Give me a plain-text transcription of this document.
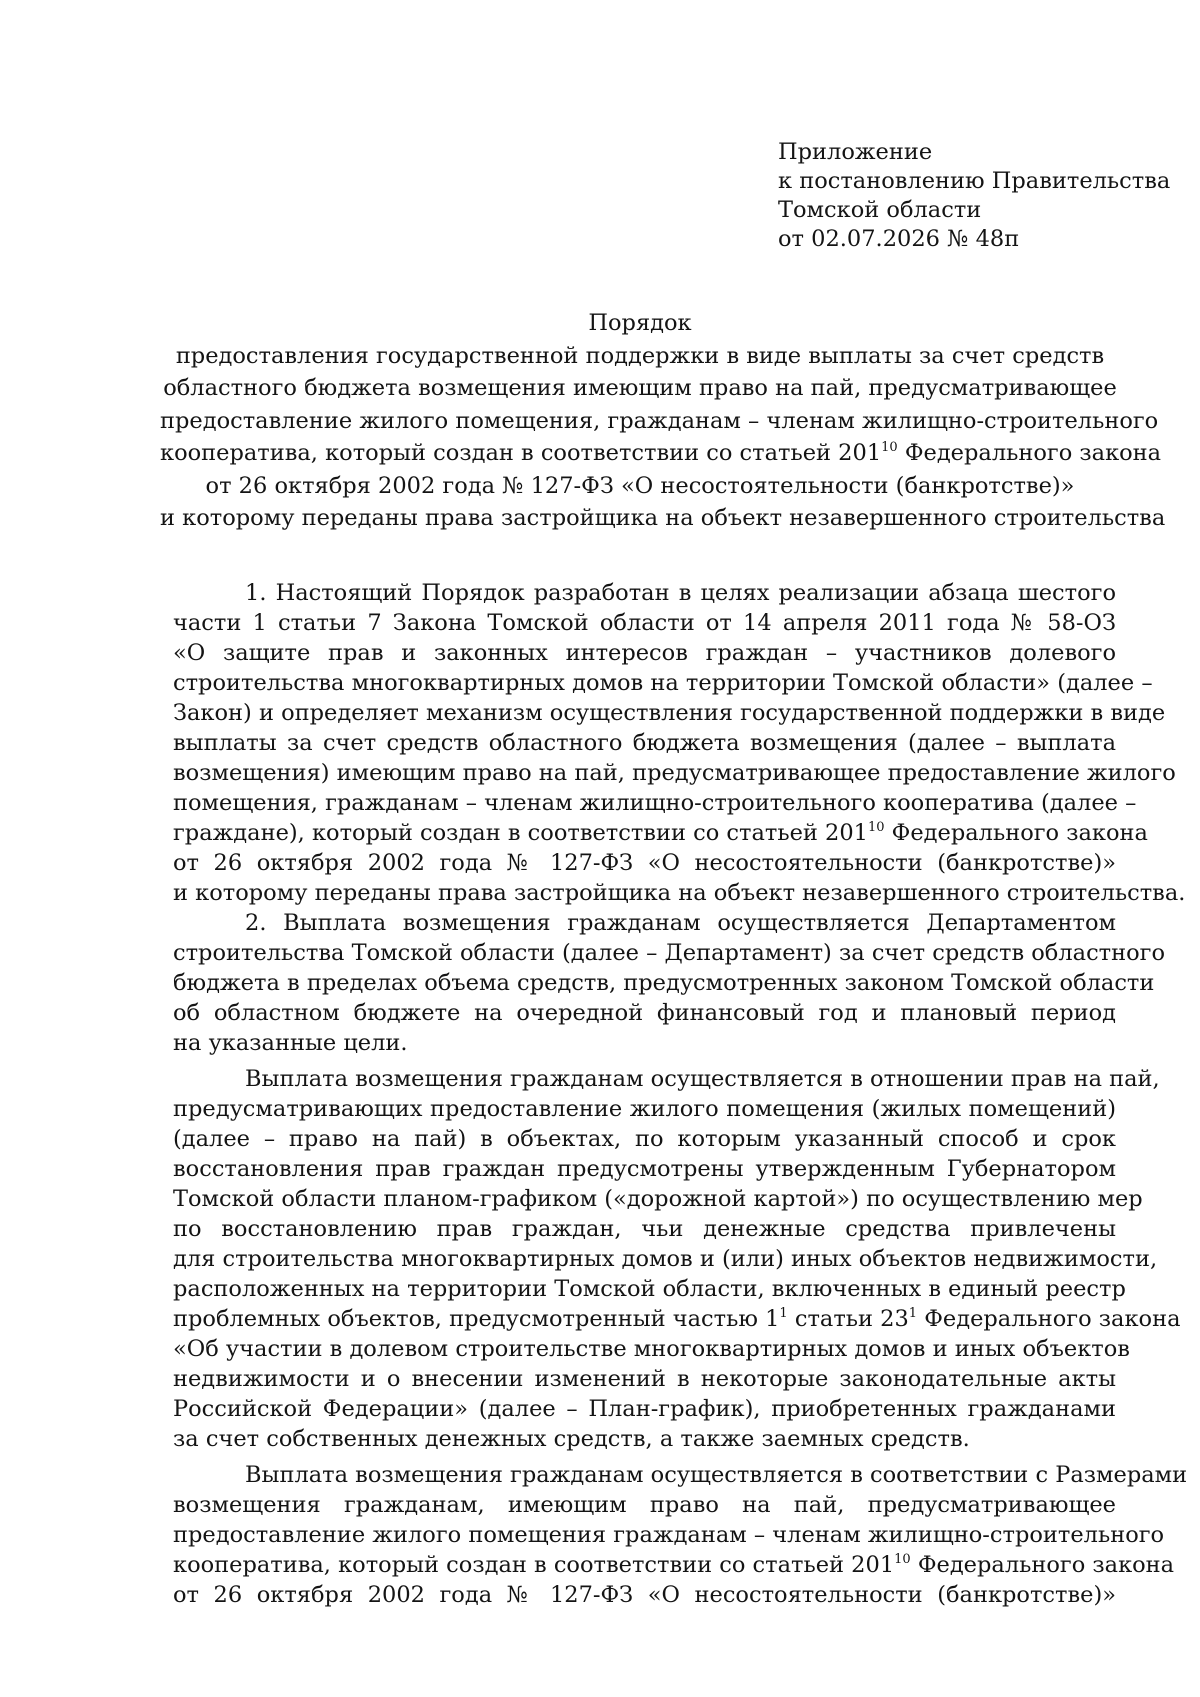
Приложение
к постановлению Правительства
Томской области
от 02.07.2026 № 48п
Порядок
предоставления государственной поддержки в виде выплаты за счет средств
областного бюджета возмещения имеющим право на пай, предусматривающее
предоставление жилого помещения, гражданам – членам жилищно-строительного
кооператива, который создан в соответствии со статьей $201^{10}$ Федерального закона
от 26 октября 2002 года № 127-ФЗ «О несостоятельности (банкротстве)»
и которому переданы права застройщика на объект незавершенного строительства
1. Настоящий Порядок разработан в целях реализации абзаца шестого
части 1 статьи 7 Закона Томской области от 14 апреля 2011 года № 58-ОЗ
«О защите прав и законных интересов граждан – участников долевого
строительства многоквартирных домов на территории Томской области» (далее –
Закон) и определяет механизм осуществления государственной поддержки в виде
выплаты за счет средств областного бюджета возмещения (далее – выплата
возмещения) имеющим право на пай, предусматривающее предоставление жилого
помещения, гражданам – членам жилищно-строительного кооператива (далее –
граждане), который создан в соответствии со статьей $201^{10}$ Федерального закона
от 26 октября 2002 года № 127-ФЗ «О несостоятельности (банкротстве)»
и которому переданы права застройщика на объект незавершенного строительства.
2. Выплата возмещения гражданам осуществляется Департаментом
строительства Томской области (далее – Департамент) за счет средств областного
бюджета в пределах объема средств, предусмотренных законом Томской области
об областном бюджете на очередной финансовый год и плановый период
на указанные цели.
Выплата возмещения гражданам осуществляется в отношении прав на пай,
предусматривающих предоставление жилого помещения (жилых помещений)
(далее – право на пай) в объектах, по которым указанный способ и срок
восстановления прав граждан предусмотрены утвержденным Губернатором
Томской области планом-графиком («дорожной картой») по осуществлению мер
по восстановлению прав граждан, чьи денежные средства привлечены
для строительства многоквартирных домов и (или) иных объектов недвижимости,
расположенных на территории Томской области, включенных в единый реестр
проблемных объектов, предусмотренный частью $1^1$ статьи $23^1$ Федерального закона
«Об участии в долевом строительстве многоквартирных домов и иных объектов
недвижимости и о внесении изменений в некоторые законодательные акты
Российской Федерации» (далее – План-график), приобретенных гражданами
за счет собственных денежных средств, а также заемных средств.
Выплата возмещения гражданам осуществляется в соответствии с Размерами
возмещения гражданам, имеющим право на пай, предусматривающее
предоставление жилого помещения гражданам – членам жилищно-строительного
кооператива, который создан в соответствии со статьей $201^{10}$ Федерального закона
от 26 октября 2002 года № 127-ФЗ «О несостоятельности (банкротстве)»
